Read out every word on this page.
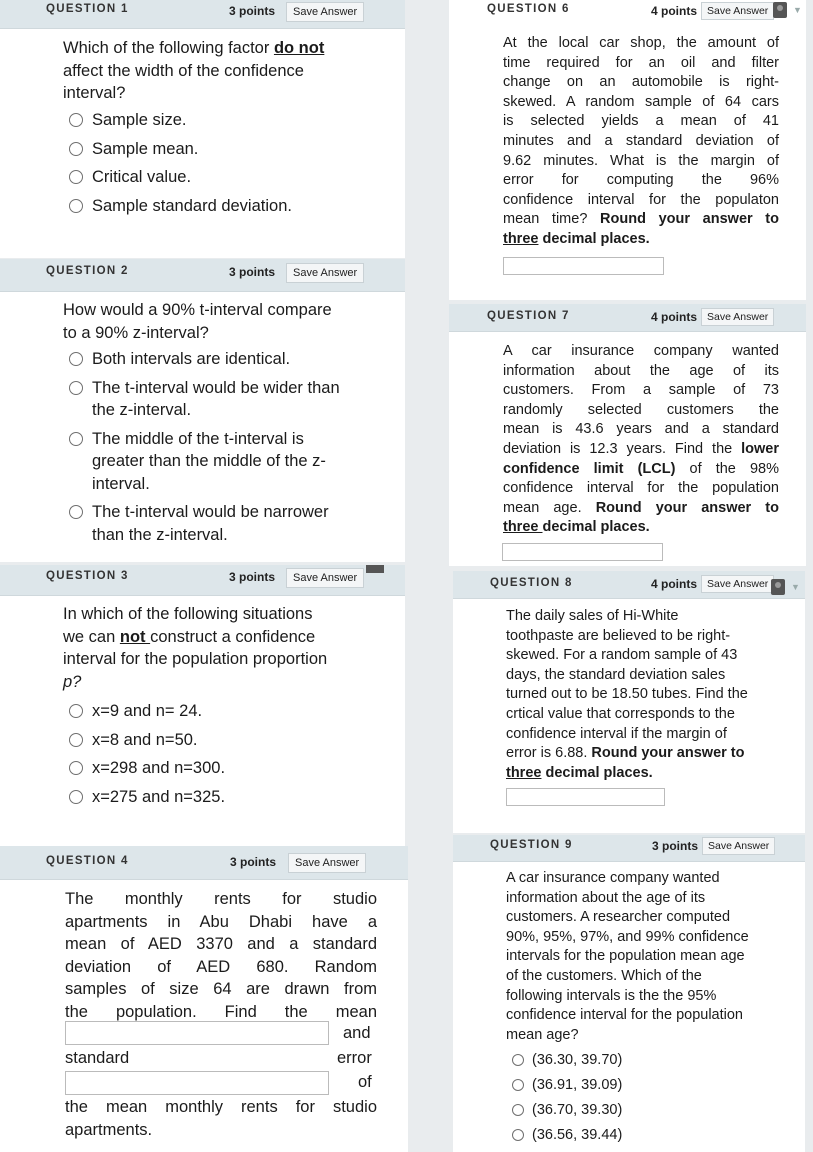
QUESTION 1	3 points	Save Answer
Which of the following factor do not
affect the width of the confidence
interval?
Sample size.
Sample mean.
Critical value.
Sample standard deviation.
QUESTION 2	3 points	Save Answer
How would a 90% t-interval compare
to a 90% z-interval?
Both intervals are identical.
The t-interval would be wider than
the z-interval.
The middle of the t-interval is
greater than the middle of the z-
interval.
The t-interval would be narrower
than the z-interval.
QUESTION 3	3 points	Save Answer
In which of the following situations
we can not construct a confidence
interval for the population proportion
p?
x=9 and n= 24.
x=8 and n=50.
x=298 and n=300.
x=275 and n=325.
QUESTION 4	3 points	Save Answer
The monthly rents for studio
apartments in Abu Dhabi have a
mean of AED 3370 and a standard
deviation of AED 680. Random
samples of size 64 are drawn from
the population. Find the mean
and
standard	error
of
the mean monthly rents for studio
apartments.
QUESTION 6	4 points Save Answer	▼
At the local car shop, the amount of
time required for an oil and filter
change on an automobile is right-
skewed. A random sample of 64 cars
is selected yields a mean of 41
minutes and a standard deviation of
9.62 minutes. What is the margin of
error for computing the 96%
confidence interval for the populaton
mean time? Round your answer to
three decimal places.
QUESTION 7	4 points Save Answer
A car insurance company wanted
information about the age of its
customers. From a sample of 73
randomly selected customers the
mean is 43.6 years and a standard
deviation is 12.3 years. Find the lower
confidence limit (LCL) of the 98%
confidence interval for the population
mean age. Round your answer to
three decimal places.
QUESTION 8	4 points Save Answer	▼
The daily sales of Hi-White
toothpaste are believed to be right-
skewed. For a random sample of 43
days, the standard deviation sales
turned out to be 18.50 tubes. Find the
crtical value that corresponds to the
confidence interval if the margin of
error is 6.88. Round your answer to
three decimal places.
QUESTION 9	3 points Save Answer
A car insurance company wanted
information about the age of its
customers. A researcher computed
90%, 95%, 97%, and 99% confidence
intervals for the population mean age
of the customers. Which of the
following intervals is the the 95%
confidence interval for the population
mean age?
(36.30, 39.70)
(36.91, 39.09)
(36.70, 39.30)
(36.56, 39.44)
